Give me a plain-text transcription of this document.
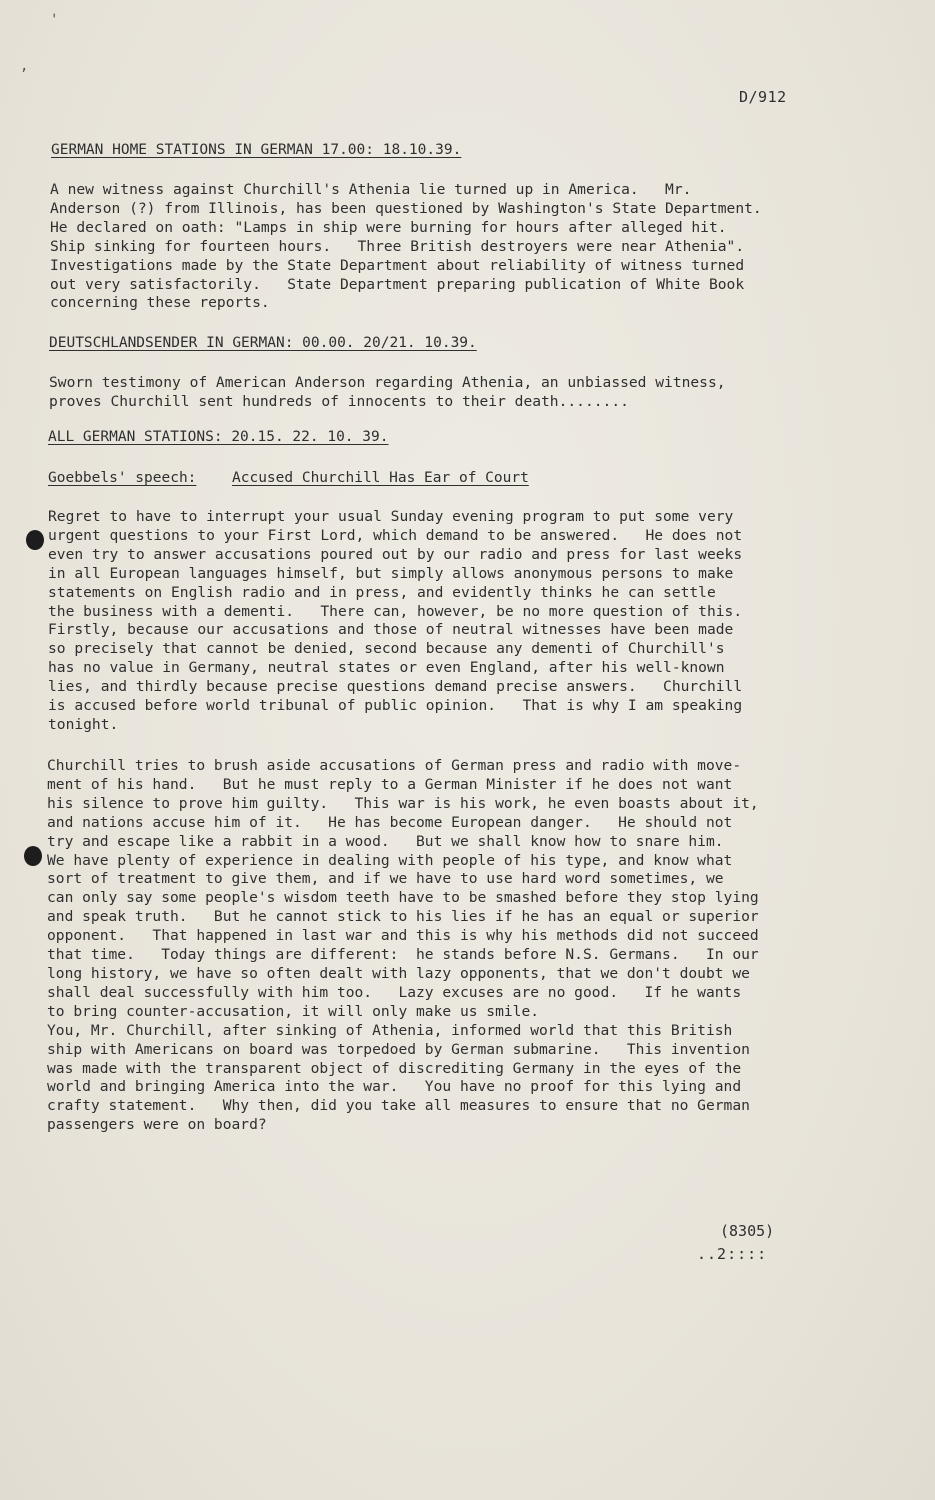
'
,
D/912
GERMAN HOME STATIONS IN GERMAN 17.00: 18.10.39.
A new witness against Churchill's Athenia lie turned up in America.   Mr.
Anderson (?) from Illinois, has been questioned by Washington's State Department.
He declared on oath: "Lamps in ship were burning for hours after alleged hit.
Ship sinking for fourteen hours.   Three British destroyers were near Athenia".
Investigations made by the State Department about reliability of witness turned
out very satisfactorily.   State Department preparing publication of White Book
concerning these reports.
DEUTSCHLANDSENDER IN GERMAN: 00.00. 20/21. 10.39.
Sworn testimony of American Anderson regarding Athenia, an unbiassed witness,
proves Churchill sent hundreds of innocents to their death........
ALL GERMAN STATIONS: 20.15. 22. 10. 39.
Goebbels' speech: Accused Churchill Has Ear of Court
Regret to have to interrupt your usual Sunday evening program to put some very
urgent questions to your First Lord, which demand to be answered.   He does not
even try to answer accusations poured out by our radio and press for last weeks
in all European languages himself, but simply allows anonymous persons to make
statements on English radio and in press, and evidently thinks he can settle
the business with a dementi.   There can, however, be no more question of this.
Firstly, because our accusations and those of neutral witnesses have been made
so precisely that cannot be denied, second because any dementi of Churchill's
has no value in Germany, neutral states or even England, after his well-known
lies, and thirdly because precise questions demand precise answers.   Churchill
is accused before world tribunal of public opinion.   That is why I am speaking
tonight.
Churchill tries to brush aside accusations of German press and radio with move-
ment of his hand.   But he must reply to a German Minister if he does not want
his silence to prove him guilty.   This war is his work, he even boasts about it,
and nations accuse him of it.   He has become European danger.   He should not
try and escape like a rabbit in a wood.   But we shall know how to snare him.
We have plenty of experience in dealing with people of his type, and know what
sort of treatment to give them, and if we have to use hard word sometimes, we
can only say some people's wisdom teeth have to be smashed before they stop lying
and speak truth.   But he cannot stick to his lies if he has an equal or superior
opponent.   That happened in last war and this is why his methods did not succeed
that time.   Today things are different:  he stands before N.S. Germans.   In our
long history, we have so often dealt with lazy opponents, that we don't doubt we
shall deal successfully with him too.   Lazy excuses are no good.   If he wants
to bring counter-accusation, it will only make us smile.
You, Mr. Churchill, after sinking of Athenia, informed world that this British
ship with Americans on board was torpedoed by German submarine.   This invention
was made with the transparent object of discrediting Germany in the eyes of the
world and bringing America into the war.   You have no proof for this lying and
crafty statement.   Why then, did you take all measures to ensure that no German
passengers were on board?
(8305)
..2::::
